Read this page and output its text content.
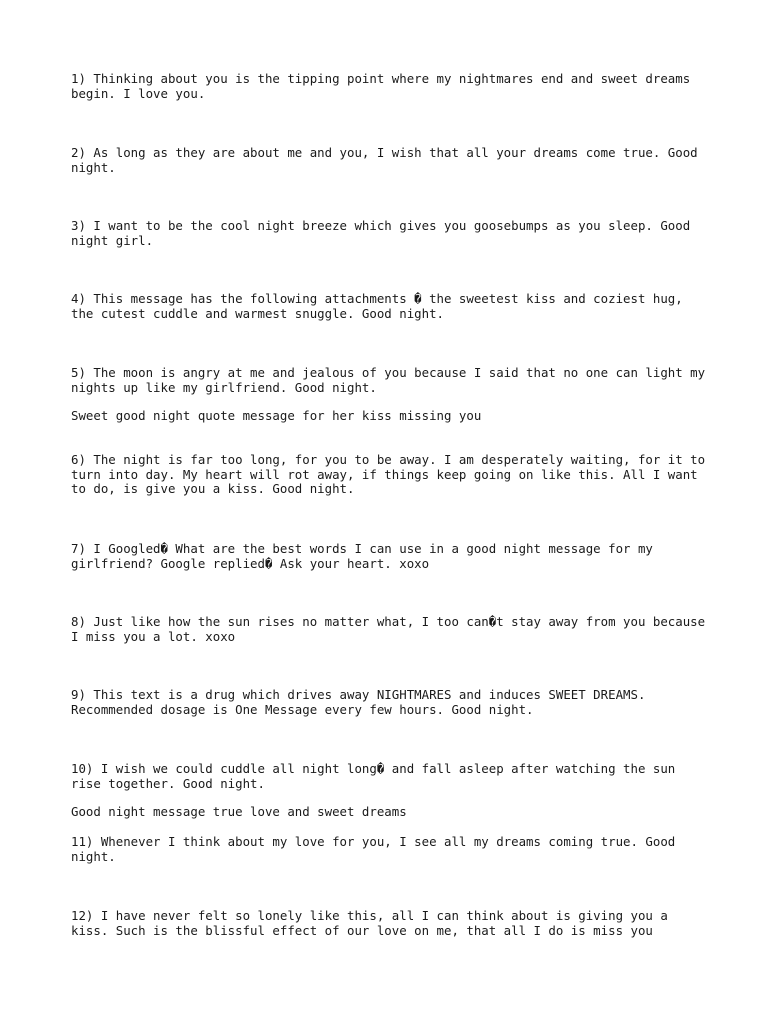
1) Thinking about you is the tipping point where my nightmares end and sweet dreams begin. I love you.

2) As long as they are about me and you, I wish that all your dreams come true. Good night.

3) I want to be the cool night breeze which gives you goosebumps as you sleep. Good night girl.

4) This message has the following attachments � the sweetest kiss and coziest hug, the cutest cuddle and warmest snuggle. Good night.

5) The moon is angry at me and jealous of you because I said that no one can light my nights up like my girlfriend. Good night.

Sweet good night quote message for her kiss missing you

6) The night is far too long, for you to be away. I am desperately waiting, for it to turn into day. My heart will rot away, if things keep going on like this. All I want to do, is give you a kiss. Good night.

7) I Googled� What are the best words I can use in a good night message for my girlfriend? Google replied� Ask your heart. xoxo

8) Just like how the sun rises no matter what, I too can�t stay away from you because I miss you a lot. xoxo

9) This text is a drug which drives away NIGHTMARES and induces SWEET DREAMS. Recommended dosage is One Message every few hours. Good night.

10) I wish we could cuddle all night long� and fall asleep after watching the sun rise together. Good night.

Good night message true love and sweet dreams

11) Whenever I think about my love for you, I see all my dreams coming true. Good night.

12) I have never felt so lonely like this, all I can think about is giving you a kiss. Such is the blissful effect of our love on me, that all I do is miss you
